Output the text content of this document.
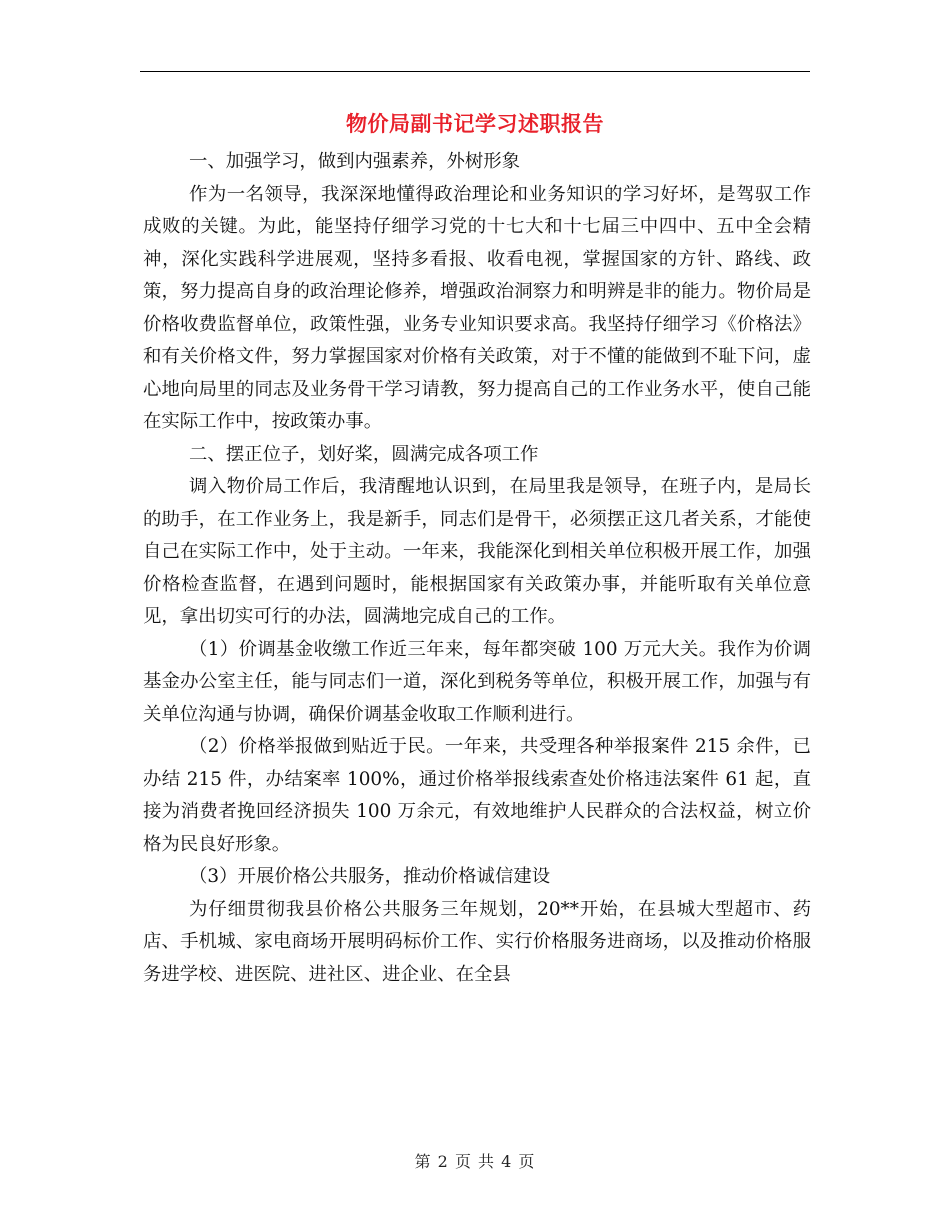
物价局副书记学习述职报告

一、加强学习，做到内强素养，外树形象

作为一名领导，我深深地懂得政治理论和业务知识的学习好坏，是驾驭工作成败的关键。为此，能坚持仔细学习党的十七大和十七届三中四中、五中全会精神，深化实践科学进展观，坚持多看报、收看电视，掌握国家的方针、路线、政策，努力提高自身的政治理论修养，增强政治洞察力和明辨是非的能力。物价局是价格收费监督单位，政策性强，业务专业知识要求高。我坚持仔细学习《价格法》和有关价格文件，努力掌握国家对价格有关政策，对于不懂的能做到不耻下问，虚心地向局里的同志及业务骨干学习请教，努力提高自己的工作业务水平，使自己能在实际工作中，按政策办事。

二、摆正位子，划好桨，圆满完成各项工作

调入物价局工作后，我清醒地认识到，在局里我是领导，在班子内，是局长的助手，在工作业务上，我是新手，同志们是骨干，必须摆正这几者关系，才能使自己在实际工作中，处于主动。一年来，我能深化到相关单位积极开展工作，加强价格检查监督，在遇到问题时，能根据国家有关政策办事，并能听取有关单位意见，拿出切实可行的办法，圆满地完成自己的工作。

（1）价调基金收缴工作近三年来，每年都突破 100 万元大关。我作为价调基金办公室主任，能与同志们一道，深化到税务等单位，积极开展工作，加强与有关单位沟通与协调，确保价调基金收取工作顺利进行。

（2）价格举报做到贴近于民。一年来，共受理各种举报案件 215 余件，已办结 215 件，办结案率 100%，通过价格举报线索查处价格违法案件 61 起，直接为消费者挽回经济损失 100 万余元，有效地维护人民群众的合法权益，树立价格为民良好形象。

（3）开展价格公共服务，推动价格诚信建设

为仔细贯彻我县价格公共服务三年规划，20**开始，在县城大型超市、药店、手机城、家电商场开展明码标价工作、实行价格服务进商场，以及推动价格服务进学校、进医院、进社区、进企业、在全县

第 2 页 共 4 页
